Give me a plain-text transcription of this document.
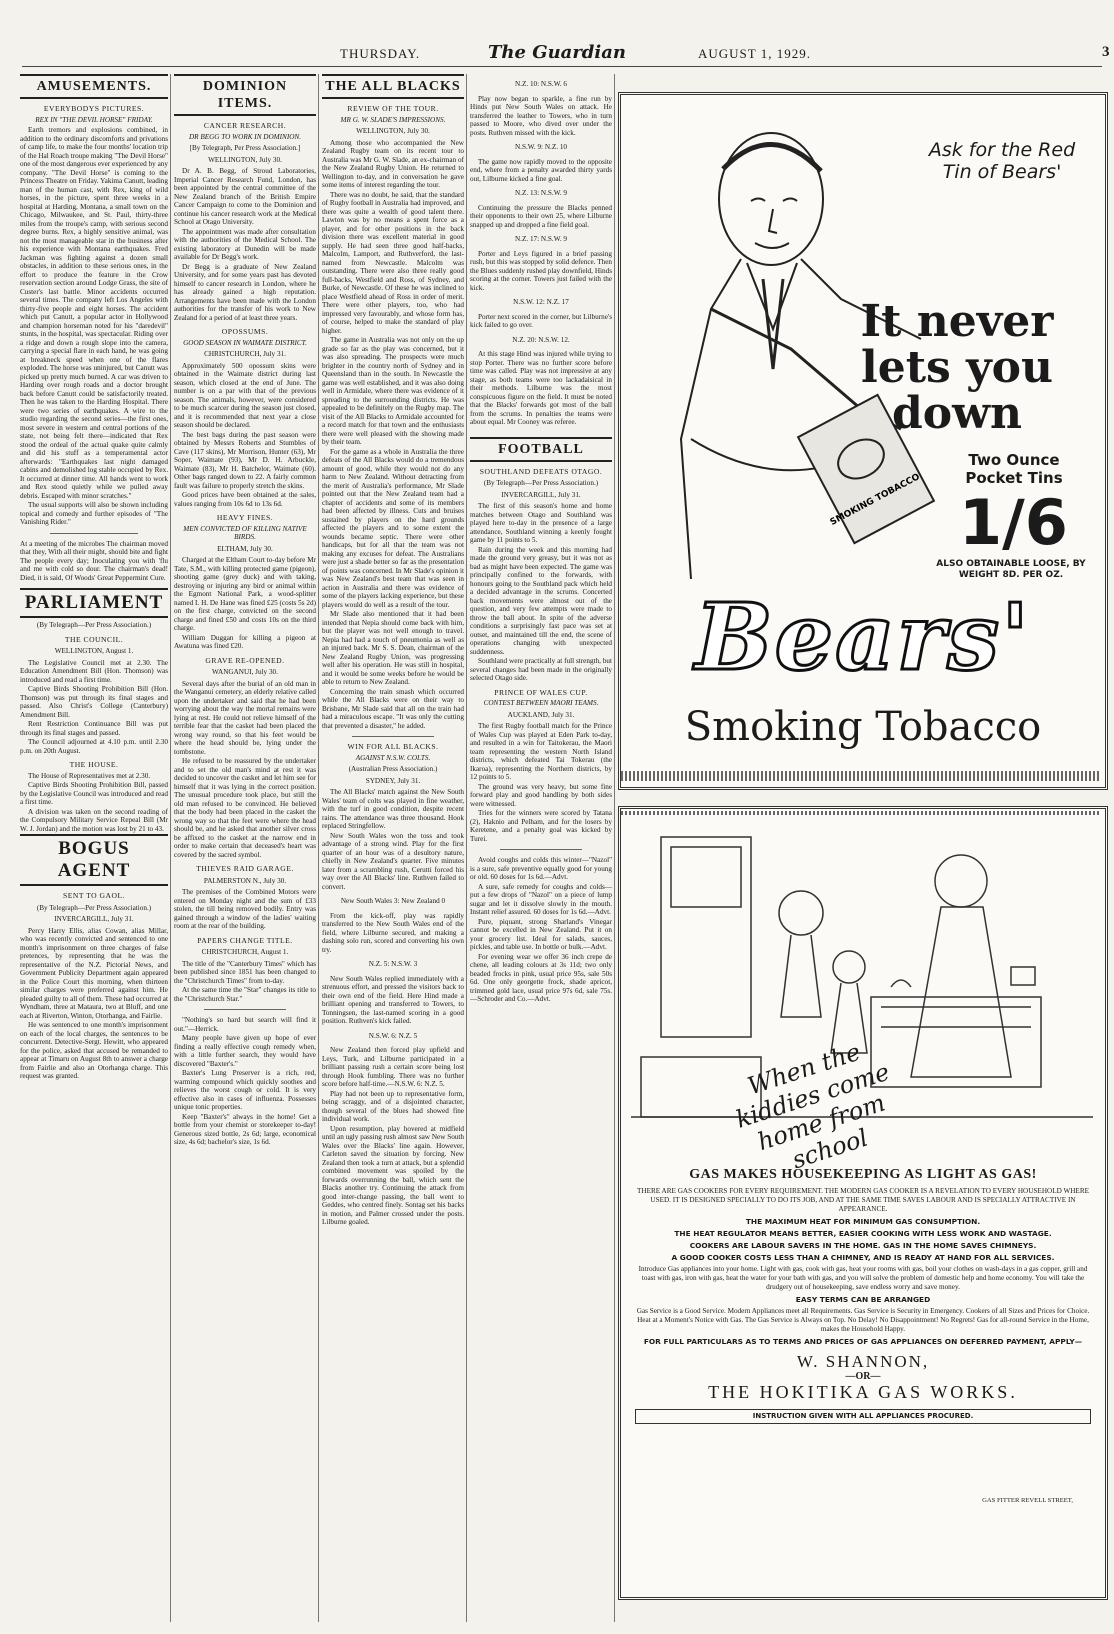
THURSDAY.	The Guardian	AUGUST 1, 1929.	3

AMUSEMENTS.

EVERYBODYS PICTURES.

REX IN "THE DEVIL HORSE" FRIDAY.

Earth tremors and explosions combined, in addition to the ordinary discomforts and privations of camp life, to make the four months' location trip of the Hal Roach troupe making "The Devil Horse" one of the most dangerous ever experienced by any company. "The Devil Horse" is coming to the Princess Theatre on Friday. Yakima Canutt, leading man of the human cast, with Rex, king of wild horses, in the picture, spent three weeks in a hospital at Harding, Montana, a small town on the Chicago, Milwaukee, and St. Paul, thirty-three miles from the troupe's camp, with serious second degree burns. Rex, a highly sensitive animal, was not the most manageable star in the business after his experience with Montana earthquakes. Fred Jackman was fighting against a dozen small obstacles, in addition to these serious ones, in the effort to produce the feature in the Crow reservation section around Lodge Grass, the site of Custer's last battle. Minor accidents occurred several times. The company left Los Angeles with thirty-five people and eight horses. The accident which put Canutt, a popular actor in Hollywood and champion horseman noted for his "daredevil" stunts, in the hospital, was spectacular. Riding over a ridge and down a rough slope into the camera, carrying a special flare in each hand, he was going at breakneck speed when one of the flares exploded. The horse was uninjured, but Canutt was picked up pretty much burned. A car was driven to Harding over rough roads and a doctor brought back before Canutt could be satisfactorily treated. Then he was taken to the Harding Hospital. There were two series of earthquakes. A wire to the studio regarding the second series—the first ones, most severe in western and central portions of the state, not being felt there—indicated that Rex stood the ordeal of the actual quake quite calmly and did his stuff as a temperamental actor afterwards: "Earthquakes last night damaged cabins and demolished log stable occupied by Rex. It occurred at dinner time. All hands went to work and Rex stood quietly while we pulled away debris. Escaped with minor scratches."

The usual supports will also be shown including topical and comedy and further episodes of "The Vanishing Rider."

At a meeting of the microbes The chairman moved that they, With all their might, should bite and fight The people every day; Inoculating you with 'flu and me with cold so dour. The chairman's dead! Died, it is said, Of Woods' Great Peppermint Cure.

PARLIAMENT

(By Telegraph—Per Press Association.)

THE COUNCIL.

WELLINGTON, August 1.

The Legislative Council met at 2.30. The Education Amendment Bill (Hon. Thomson) was introduced and read a first time.

Captive Birds Shooting Prohibition Bill (Hon. Thomson) was put through its final stages and passed. Also Christ's College (Canterbury) Amendment Bill.

Rent Restriction Continuance Bill was put through its final stages and passed.

The Council adjourned at 4.10 p.m. until 2.30 p.m. on 20th August.

THE HOUSE.

The House of Representatives met at 2.30.

Captive Birds Shooting Prohibition Bill, passed by the Legislative Council was introduced and read a first time.

A division was taken on the second reading of the Compulsory Military Service Repeal Bill (Mr W. J. Jordan) and the motion was lost by 21 to 43.

BOGUS AGENT

SENT TO GAOL.

(By Telegraph—Per Press Association.)

INVERCARGILL, July 31.

Percy Harry Ellis, alias Cowan, alias Millar, who was recently convicted and sentenced to one month's imprisonment on three charges of false pretences, by representing that he was the representative of the N.Z. Pictorial News, and Government Publicity Department again appeared in the Police Court this morning, when thirteen similar charges were preferred against him. He pleaded guilty to all of them. These had occurred at Wyndham, three at Mataura, two at Bluff, and one each at Riverton, Winton, Otorhanga, and Fairlie.

He was sentenced to one month's imprisonment on each of the local charges, the sentences to be concurrent. Detective-Sergt. Hewitt, who appeared for the police, asked that accused be remanded to appear at Timaru on August 8th to answer a charge from Fairlie and also an Otorhanga charge. This request was granted.

DOMINION ITEMS.

CANCER RESEARCH.

DR BEGG TO WORK IN DOMINION.

[By Telegraph, Per Press Association.]

WELLINGTON, July 30.

Dr A. B. Begg, of Stroud Laboratories, Imperial Cancer Research Fund, London, has been appointed by the central committee of the New Zealand branch of the British Empire Cancer Campaign to come to the Dominion and continue his cancer research work at the Medical School at Otago University.

The appointment was made after consultation with the authorities of the Medical School. The existing laboratory at Dunedin will be made available for Dr Begg's work.

Dr Begg is a graduate of New Zealand University, and for some years past has devoted himself to cancer research in London, where he has already gained a high reputation. Arrangements have been made with the London authorities for the transfer of his work to New Zealand for a period of at least three years.

OPOSSUMS.

GOOD SEASON IN WAIMATE DISTRICT.

CHRISTCHURCH, July 31.

Approximately 500 opossum skins were obtained in the Waimate district during last season, which closed at the end of June. The number is on a par with that of the previous season. The animals, however, were considered to be much scarcer during the season just closed, and it is recommended that next year a close season should be declared.

The best bags during the past season were obtained by Messrs Roberts and Stumbles of Cave (117 skins), Mr Morrison, Hunter (63), Mr Soper, Waimate (93), Mr D. H. Arbuckle, Waimate (83), Mr H. Batchelor, Waimate (60). Other bags ranged down to 22. A fairly common fault was failure to properly stretch the skins.

Good prices have been obtained at the sales, values ranging from 10s 6d to 13s 6d.

HEAVY FINES.

MEN CONVICTED OF KILLING NATIVE BIRDS.

ELTHAM, July 30.

Charged at the Eltham Court to-day before Mr Tate, S.M., with killing protected game (pigeon), shooting game (grey duck) and with taking, destroying or injuring any bird or animal within the Egmont National Park, a wood-splitter named I. H. De Hane was fined £25 (costs 5s 2d) on the first charge, convicted on the second charge and fined £50 and costs 10s on the third charge.

William Duggan for killing a pigeon at Awatuna was fined £20.

GRAVE RE-OPENED.

WANGANUI, July 30.

Several days after the burial of an old man in the Wanganui cemetery, an elderly relative called upon the undertaker and said that he had been worrying about the way the mortal remains were lying at rest. He could not relieve himself of the terrible fear that the casket had been placed the wrong way round, so that his feet would be where the head should be, lying under the tombstone.

He refused to be reassured by the undertaker and to set the old man's mind at rest it was decided to uncover the casket and let him see for himself that it was lying in the correct position. The unusual procedure took place, but still the old man refused to be convinced. He believed that the body had been placed in the casket the wrong way so that the feet were where the head should be, and he asked that another silver cross be affixed to the casket at the narrow end in order to make certain that deceased's heart was covered by the sacred symbol.

THIEVES RAID GARAGE.

PALMERSTON N., July 30.

The premises of the Combined Motors were entered on Monday night and the sum of £33 stolen, the till being removed bodily. Entry was gained through a window of the ladies' waiting room at the rear of the building.

PAPERS CHANGE TITLE.

CHRISTCHURCH, August 1.

The title of the "Canterbury Times" which has been published since 1851 has been changed to the "Christchurch Times" from to-day.

At the same time the "Star" changes its title to the "Christchurch Star."

"Nothing's so hard but search will find it out."—Herrick.

Many people have given up hope of ever finding a really effective cough remedy when, with a little further search, they would have discovered "Baxter's."

Baxter's Lung Preserver is a rich, red, warming compound which quickly soothes and relieves the worst cough or cold. It is very effective also in cases of influenza. Possesses unique tonic properties.

Keep "Baxter's" always in the home! Get a bottle from your chemist or storekeeper to-day! Generous sized bottle, 2s 6d; large, economical size, 4s 6d; bachelor's size, 1s 6d.

THE ALL BLACKS

REVIEW OF THE TOUR.

MR G. W. SLADE'S IMPRESSIONS.

WELLINGTON, July 30.

Among those who accompanied the New Zealand Rugby team on its recent tour to Australia was Mr G. W. Slade, an ex-chairman of the New Zealand Rugby Union. He returned to Wellington to-day, and in conversation he gave some items of interest regarding the tour.

There was no doubt, he said, that the standard of Rugby football in Australia had improved, and there was quite a wealth of good talent there. Lawton was by no means a spent force as a player, and for other positions in the back division there was excellent material in good supply. He had seen three good half-backs, Malcolm, Lamport, and Ruthverford, the last-named from Newcastle. Malcolm was outstanding. There were also three really good full-backs, Westfield and Ross, of Sydney, and Burke, of Newcastle. Of these he was inclined to place Westfield ahead of Ross in order of merit. There were other players, too, who had impressed very favourably, and whose form has, of course, helped to make the standard of play higher.

The game in Australia was not only on the up grade so far as the play was concerned, but it was also spreading. The prospects were much brighter in the country north of Sydney and in Queensland than in the south. In Newcastle the game was well established, and it was also doing well in Armidale, where there was evidence of it spreading to the surrounding districts. He was appealed to be definitely on the Rugby map. The visit of the All Blacks to Armidale accounted for a record match for that town and the enthusiasts there were well pleased with the showing made by their team.

For the game as a whole in Australia the three defeats of the All Blacks would do a tremendous amount of good, while they would not do any harm to New Zealand. Without detracting from the merit of Australia's performance, Mr Slade pointed out that the New Zealand team had a chapter of accidents and some of its members had been affected by illness. Cuts and bruises sustained by players on the hard grounds affected the players and to some extent the wounds became septic. There were other handicaps, but for all that the team was not making any excuses for defeat. The Australians were just a shade better so far as the presentation of points was concerned. In Mr Slade's opinion it was New Zealand's best team that was seen in action in Australia and there was evidence of some of the players lacking experience, but these players would do well as a result of the tour.

Mr Slade also mentioned that it had been intended that Nepia should come back with him, but the player was not well enough to travel. Nepia had had a touch of pneumonia as well as an injured back. Mr S. S. Dean, chairman of the New Zealand Rugby Union, was progressing well after his operation. He was still in hospital, and it would be some weeks before he would be able to return to New Zealand.

Concerning the train smash which occurred while the All Blacks were on their way to Brisbane, Mr Slade said that all on the train had had a miraculous escape. "It was only the cutting that prevented a disaster," he added.

WIN FOR ALL BLACKS.

AGAINST N.S.W. COLTS.

(Australian Press Association.)

SYDNEY, July 31.

The All Blacks' match against the New South Wales' team of colts was played in fine weather, with the turf in good condition, despite recent rains. The attendance was three thousand. Hook replaced Stringfellow.

New South Wales won the toss and took advantage of a strong wind. Play for the first quarter of an hour was of a desultory nature, chiefly in New Zealand's quarter. Five minutes later from a scrambling rush, Cerutti forced his way over the All Blacks' line. Ruthven failed to convert.

New South Wales 3: New Zealand 0

From the kick-off, play was rapidly transferred to the New South Wales end of the field, where Lilburne secured, and making a dashing solo run, scored and converting his own try.

N.Z. 5: N.S.W. 3

New South Wales replied immediately with a strenuous effort, and pressed the visitors back to their own end of the field. Here Hind made a brilliant opening and transferred to Towers, to Tonningsen, the last-named scoring in a good position. Ruthven's kick failed.

N.S.W. 6: N.Z. 5

New Zealand then forced play upfield and Leys, Turk, and Lilburne participated in a brilliant passing rush a certain score being lost through Hook fumbling. There was no further score before half-time.—N.S.W. 6: N.Z. 5.

Play had not been up to representative form, being scraggy, and of a disjointed character, though several of the blues had showed fine individual work.

Upon resumption, play hovered at midfield until an ugly passing rush almost saw New South Wales over the Blacks' line again. However, Carleton saved the situation by forcing. New Zealand then took a turn at attack, but a splendid combined movement was spoiled by the forwards overrunning the ball, which sent the Blacks another try. Continuing the attack from good inter-change passing, the ball went to Geddes, who centred finely. Sontag set his backs in motion, and Palmer crossed under the posts. Lilburne goaled.

N.Z. 10: N.S.W. 6

Play now began to sparkle, a fine run by Hinds put New South Wales on attack. He transferred the leather to Towers, who in turn passed to Moore, who dived over under the posts. Ruthven missed with the kick.

N.S.W. 9: N.Z. 10

The game now rapidly moved to the opposite end, where from a penalty awarded thirty yards out, Lilburne kicked a fine goal.

N.Z. 13: N.S.W. 9

Continuing the pressure the Blacks penned their opponents to their own 25, where Lilburne snapped up and dropped a fine field goal.

N.Z. 17: N.S.W. 9

Porter and Leys figured in a brief passing rush, but this was stopped by solid defence. Then the Blues suddenly rushed play downfield, Hinds scoring at the corner. Towers just failed with the kick.

N.S.W. 12: N.Z. 17

Porter next scored in the corner, but Lilburne's kick failed to go over.

N.Z. 20: N.S.W. 12.

At this stage Hind was injured while trying to stop Porter. There was no further score before time was called. Play was not impressive at any stage, as both teams were too lackadaisical in their methods. Lilburne was the most conspicuous figure on the field. It must be noted that the Blacks' forwards got most of the ball from the scrums. In penalties the teams were about equal. Mr Cooney was referee.

FOOTBALL

SOUTHLAND DEFEATS OTAGO.

(By Telegraph—Per Press Association.)

INVERCARGILL, July 31.

The first of this season's home and home matches between Otago and Southland was played here to-day in the presence of a large attendance, Southland winning a keenly fought game by 11 points to 5.

Rain during the week and this morning had made the ground very greasy, but it was not as bad as might have been expected. The game was principally confined to the forwards, with honours going to the Southland pack which held a decided advantage in the scrums. Concerted back movements were almost out of the question, and very few attempts were made to throw the ball about. In spite of the adverse conditions a surprisingly fast pace was set at outset, and maintained till the end, the scene of operations changing with unexpected suddenness.

Southland were practically at full strength, but several changes had been made in the originally selected Otago side.

PRINCE OF WALES CUP.

CONTEST BETWEEN MAORI TEAMS.

AUCKLAND, July 31.

The first Rugby football match for the Prince of Wales Cup was played at Eden Park to-day, and resulted in a win for Taitokerau, the Maori team representing the western North Island districts, which defeated Tai Tokerau (the Ikaroa), representing the Northern districts, by 12 points to 5.

The ground was very heavy, but some fine forward play and good handling by both sides were witnessed.

Tries for the winners were scored by Tatana (2), Haknio and Pelham, and for the losers by Keretene, and a penalty goal was kicked by Turei.

Avoid coughs and colds this winter—"Nazol" is a sure, safe preventive equally good for young or old. 60 doses for 1s 6d.—Advt.

A sure, safe remedy for coughs and colds—put a few drops of "Nazol" on a piece of lump sugar and let it dissolve slowly in the mouth. Instant relief assured. 60 doses for 1s 6d.—Advt.

Pure, piquant, strong Sharland's Vinegar cannot be excelled in New Zealand. Put it on your grocery list. Ideal for salads, sauces, pickles, and table use. In bottle or bulk.—Advt.

For evening wear we offer 36 inch crepe de chene, all leading colours at 3s 11d; two only beaded frocks in pink, usual price 95s, sale 50s 6d. One only georgette frock, shade apricot, trimmed gold lace, usual price 97s 6d, sale 75s.—Schroder and Co.—Advt.

SMOKING TOBACCO
Ask for the Red Tin of Bears'
It never lets you down
Two Ounce Pocket Tins
1/6
ALSO OBTAINABLE LOOSE, BY WEIGHT 8D. PER OZ.
Bears'
Smoking Tobacco
When the kiddies come home from school
GAS MAKES HOUSEKEEPING AS LIGHT AS GAS!

THERE ARE GAS COOKERS FOR EVERY REQUIREMENT. THE MODERN GAS COOKER IS A REVELATION TO EVERY HOUSEHOLD WHERE USED. IT IS DESIGNED SPECIALLY TO DO ITS JOB, AND AT THE SAME TIME SAVES LABOUR AND IS SPECIALLY ATTRACTIVE IN APPEARANCE.

THE MAXIMUM HEAT FOR MINIMUM GAS CONSUMPTION.

THE HEAT REGULATOR MEANS BETTER, EASIER COOKING WITH LESS WORK AND WASTAGE.

COOKERS ARE LABOUR SAVERS IN THE HOME. GAS IN THE HOME SAVES CHIMNEYS.

A GOOD COOKER COSTS LESS THAN A CHIMNEY, AND IS READY AT HAND FOR ALL SERVICES.

Introduce Gas appliances into your home. Light with gas, cook with gas, heat your rooms with gas, boil your clothes on wash-days in a gas copper, grill and toast with gas, iron with gas, heat the water for your bath with gas, and you will solve the problem of domestic help and home economy. You will take the drudgery out of housekeeping, save endless worry and save money.

EASY TERMS CAN BE ARRANGED

Gas Service is a Good Service. Modern Appliances meet all Requirements. Gas Service is Security in Emergency. Cookers of all Sizes and Prices for Choice. Heat at a Moment's Notice with Gas. The Gas Service is Always on Top. No Delay! No Disappointment! No Regrets! Gas for all-round Service in the Home, makes the Household Happy.

FOR FULL PARTICULARS AS TO TERMS AND PRICES OF GAS APPLIANCES ON DEFERRED PAYMENT, APPLY—

W. SHANNON,

—OR—

THE HOKITIKA GAS WORKS.

INSTRUCTION GIVEN WITH ALL APPLIANCES PROCURED.

GAS FITTER REVELL STREET,
